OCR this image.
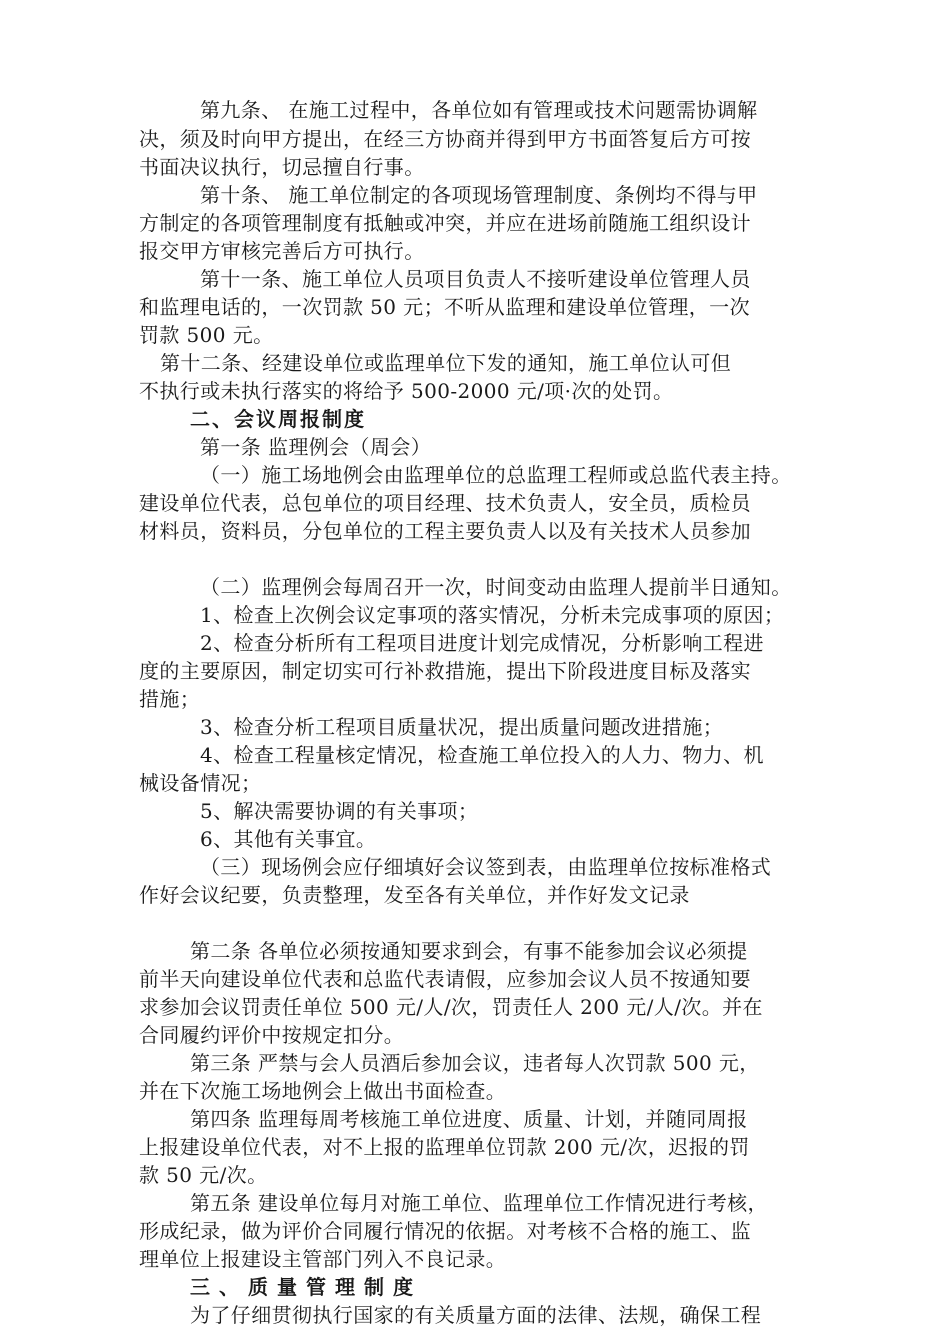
第九条、 在施工过程中，各单位如有管理或技术问题需协调解
决，须及时向甲方提出，在经三方协商并得到甲方书面答复后方可按
书面决议执行，切忌擅自行事。
第十条、 施工单位制定的各项现场管理制度、条例均不得与甲
方制定的各项管理制度有抵触或冲突，并应在进场前随施工组织设计
报交甲方审核完善后方可执行。
第十一条、施工单位人员项目负责人不接听建设单位管理人员
和监理电话的，一次罚款 50 元；不听从监理和建设单位管理，一次
罚款 500 元。
第十二条、经建设单位或监理单位下发的通知，施工单位认可但
不执行或未执行落实的将给予 500-2000 元/项·次的处罚。
二、会议周报制度
第一条 监理例会（周会）
（一）施工场地例会由监理单位的总监理工程师或总监代表主持。
建设单位代表，总包单位的项目经理、技术负责人，安全员，质检员
材料员，资料员，分包单位的工程主要负责人以及有关技术人员参加
（二）监理例会每周召开一次，时间变动由监理人提前半日通知。
1、检查上次例会议定事项的落实情况，分析未完成事项的原因；
2、检查分析所有工程项目进度计划完成情况，分析影响工程进
度的主要原因，制定切实可行补救措施，提出下阶段进度目标及落实
措施；
3、检查分析工程项目质量状况，提出质量问题改进措施；
4、检查工程量核定情况，检查施工单位投入的人力、物力、机
械设备情况；
5、解决需要协调的有关事项；
6、其他有关事宜。
（三）现场例会应仔细填好会议签到表，由监理单位按标准格式
作好会议纪要，负责整理，发至各有关单位，并作好发文记录
第二条 各单位必须按通知要求到会，有事不能参加会议必须提
前半天向建设单位代表和总监代表请假，应参加会议人员不按通知要
求参加会议罚责任单位 500 元/人/次，罚责任人 200 元/人/次。并在
合同履约评价中按规定扣分。
第三条 严禁与会人员酒后参加会议，违者每人次罚款 500 元，
并在下次施工场地例会上做出书面检查。
第四条 监理每周考核施工单位进度、质量、计划，并随同周报
上报建设单位代表，对不上报的监理单位罚款 200 元/次，迟报的罚
款 50 元/次。
第五条 建设单位每月对施工单位、监理单位工作情况进行考核，
形成纪录，做为评价合同履行情况的依据。对考核不合格的施工、监
理单位上报建设主管部门列入不良记录。
三、质量管理制度
为了仔细贯彻执行国家的有关质量方面的法律、法规，确保工程
